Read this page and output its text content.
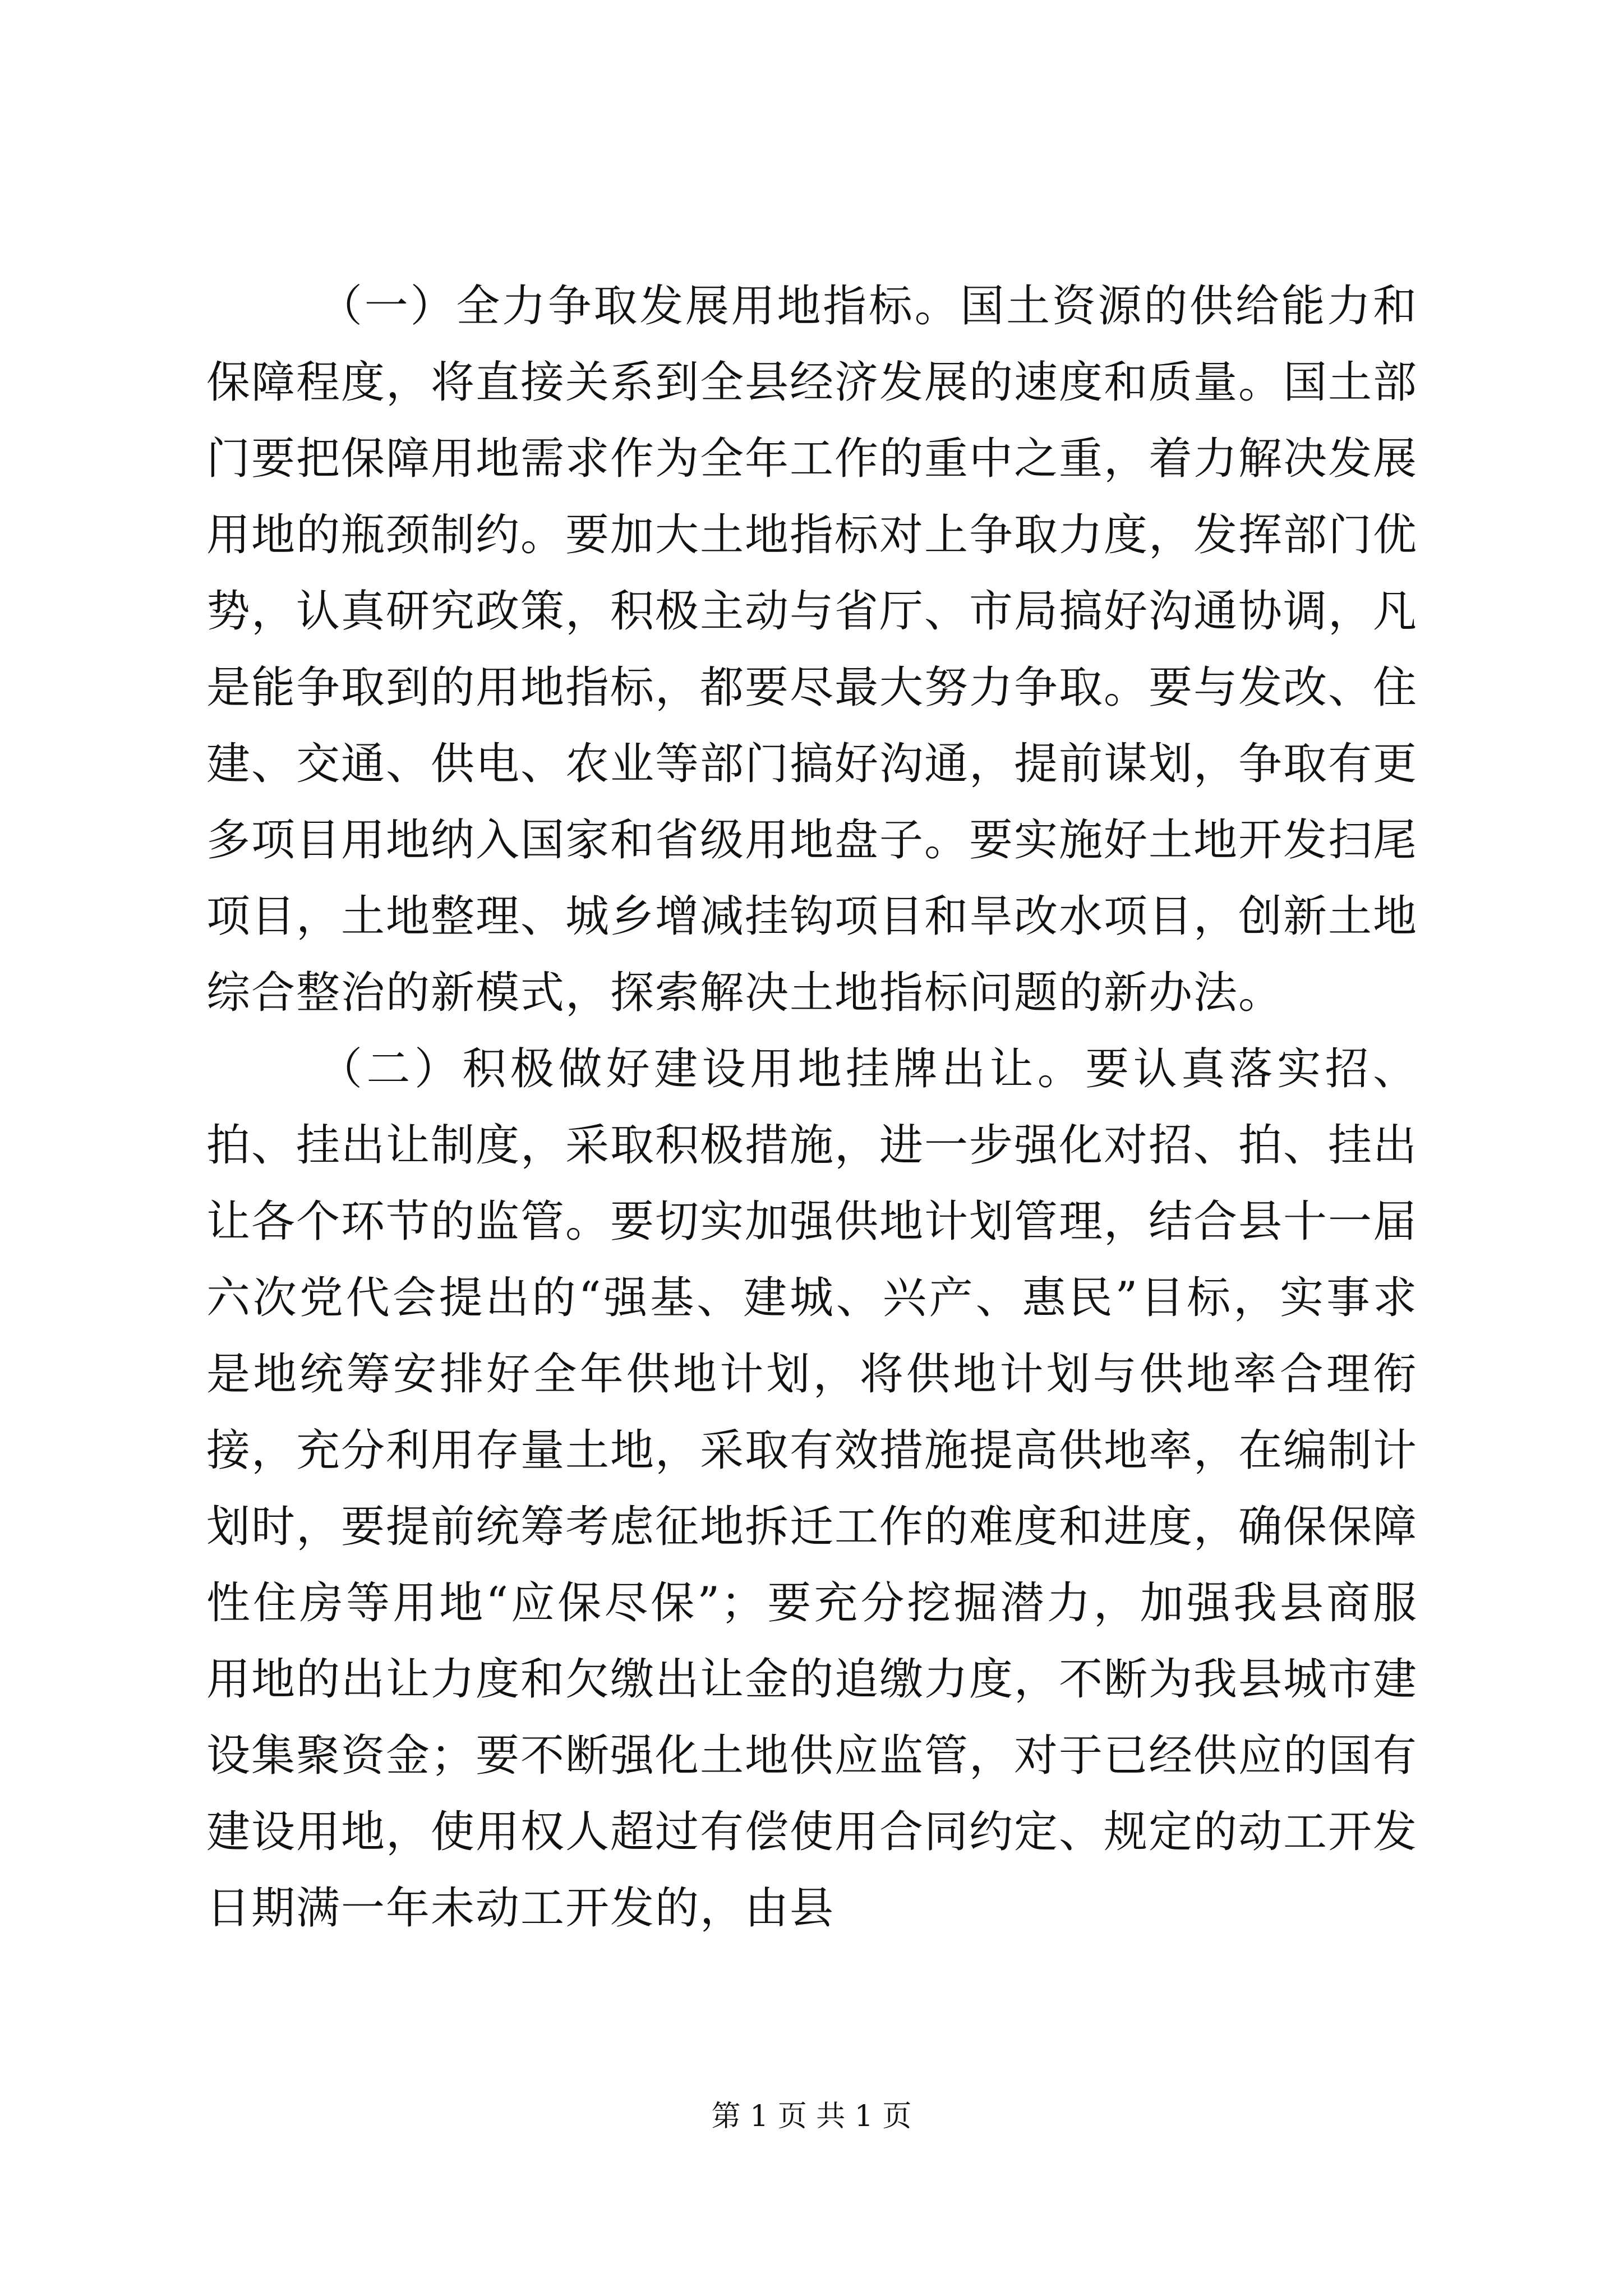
（一）全力争取发展用地指标。国土资源的供给能力和保障程度，将直接关系到全县经济发展的速度和质量。国土部门要把保障用地需求作为全年工作的重中之重，着力解决发展用地的瓶颈制约。要加大土地指标对上争取力度，发挥部门优势，认真研究政策，积极主动与省厅、市局搞好沟通协调，凡是能争取到的用地指标，都要尽最大努力争取。要与发改、住建、交通、供电、农业等部门搞好沟通，提前谋划，争取有更多项目用地纳入国家和省级用地盘子。要实施好土地开发扫尾项目，土地整理、城乡增减挂钩项目和旱改水项目，创新土地综合整治的新模式，探索解决土地指标问题的新办法。

（二）积极做好建设用地挂牌出让。要认真落实招、拍、挂出让制度，采取积极措施，进一步强化对招、拍、挂出让各个环节的监管。要切实加强供地计划管理，结合县十一届六次党代会提出的“强基、建城、兴产、惠民”目标，实事求是地统筹安排好全年供地计划，将供地计划与供地率合理衔接，充分利用存量土地，采取有效措施提高供地率，在编制计划时，要提前统筹考虑征地拆迁工作的难度和进度，确保保障性住房等用地“应保尽保”；要充分挖掘潜力，加强我县商服用地的出让力度和欠缴出让金的追缴力度，不断为我县城市建设集聚资金；要不断强化土地供应监管，对于已经供应的国有建设用地，使用权人超过有偿使用合同约定、规定的动工开发日期满一年未动工开发的，由县

第 1 页 共 1 页
